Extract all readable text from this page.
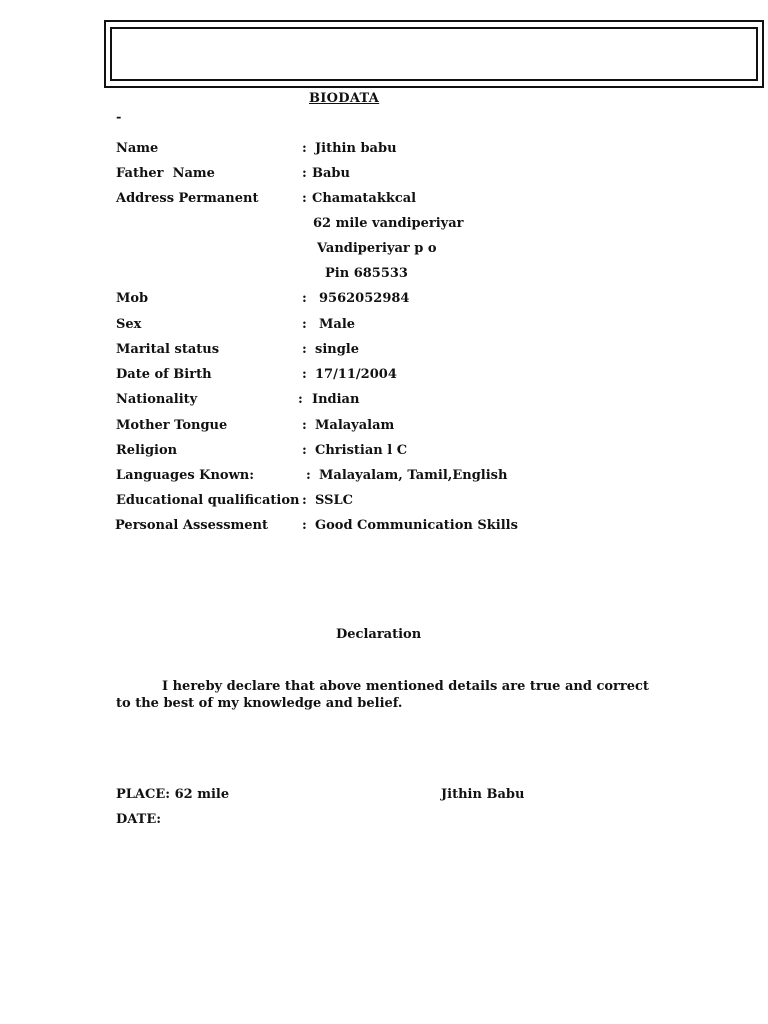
BIODATA
-
Name	: Jithin babu
Father  Name	: Babu
Address Permanent	: Chamatakkcal
62 mile vandiperiyar
Vandiperiyar p o
Pin 685533
Mob	: 9562052984
Sex	: Male
Marital status	: single
Date of Birth	: 17/11/2004
Nationality	: Indian
Mother Tongue	: Malayalam
Religion	: Christian l C
Languages Known:	: Malayalam, Tamil,English
Educational qualification : SSLC
Personal Assessment	: Good Communication Skills
Declaration
I hereby declare that above mentioned details are true and correct to the best of my knowledge and belief.
PLACE: 62 mile	Jithin Babu
DATE:
